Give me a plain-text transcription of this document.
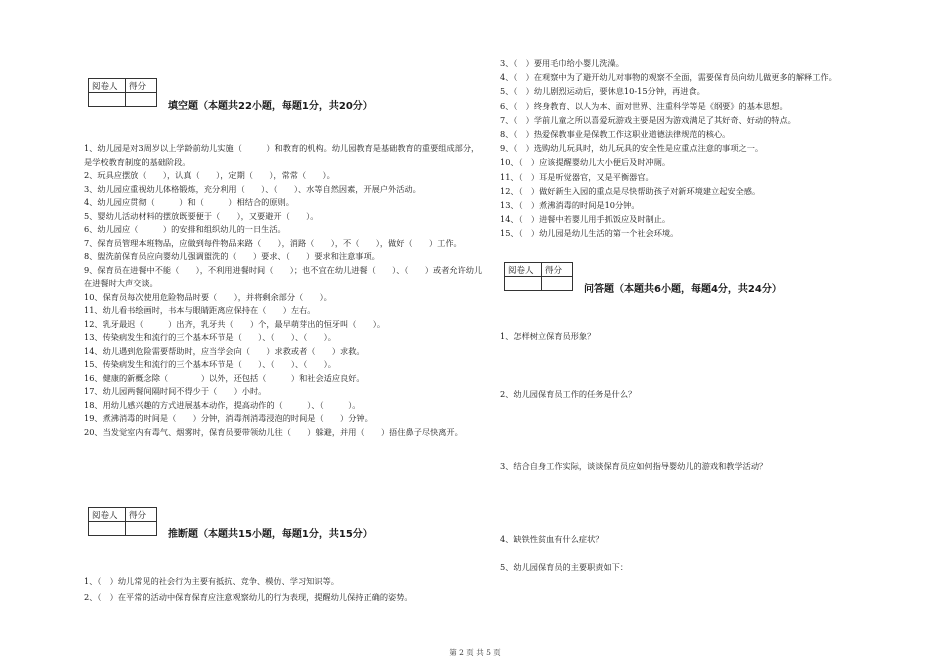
阅卷人	得分

填空题（本题共22小题，每题1分，共20分）

1、幼儿园是对3周岁以上学龄前幼儿实施（　　　）和教育的机构。幼儿园教育是基础教育的重要组成部分，是学校教育制度的基础阶段。

2、玩具应摆放（　　），认真（　　），定期（　　），常常（　　）。

3、幼儿园应重视幼儿体格锻炼，充分利用（　　）、（　　）、水等自然因素，开展户外活动。

4、幼儿园应贯彻（　　　）和（　　　）相结合的原则。

5、婴幼儿活动材料的摆放既要便于（　　），又要避开（　　）。

6、幼儿园应（　　　）的安排和组织幼儿的一日生活。

7、保育员管理本班物品，应做到每件物品来路（　　），消路（　　），不（　　），做好（　　）工作。

8、盥洗前保育员应向婴幼儿强调盥洗的（　　）要求、（　　）要求和注意事项。

9、保育员在进餐中不能（　　），不利用进餐时间（　　）；也不宜在幼儿进餐（　　）、（　　）或者允许幼儿在进餐时大声交谈。

10、保育员每次使用危险物品时要（　　），并将剩余部分（　　）。

11、幼儿看书绘画时，书本与眼睛距离应保持在（　　）左右。

12、乳牙最迟（　　　）出齐，乳牙共（　　）个，最早萌芽出的恒牙叫（　　）。

13、传染病发生和流行的三个基本环节是（　　）、（　　）、（　　）。

14、幼儿遇到危险需要帮助时，应当学会向（　　）求救或者（　　）求救。

15、传染病发生和流行的三个基本环节是（　　）、（　　）、（　　）。

16、健康的新概念除（　　　　）以外，还包括（　　　）和社会适应良好。

17、幼儿园两餐间隔时间不得少于（　　）小时。

18、用幼儿感兴趣的方式进展基本动作，提高动作的（　　　）、（　　　）。

19、煮沸消毒的时间是（　　）分钟，消毒剂消毒浸泡的时间是（　　）分钟。

20、当发觉室内有毒气、烟雾时，保育员要带领幼儿往（　　）躲避，并用（　　）捂住鼻子尽快离开。

阅卷人	得分

推断题（本题共15小题，每题1分，共15分）

1、（　）幼儿常见的社会行为主要有抵抗、竞争、模仿、学习知识等。

2、（　）在平常的活动中保育保育应注意观察幼儿的行为表现，提醒幼儿保持正确的姿势。

3、（　）要用毛巾给小婴儿洗澡。

4、（　）在观察中为了避开幼儿对事物的观察不全面，需要保育员向幼儿做更多的解释工作。

5、（　）幼儿剧烈运动后，要休息10-15分钟，再进食。

6、（　）终身教育、以人为本、面对世界、注重科学等是《纲要》的基本思想。

7、（　）学前儿童之所以喜爱玩游戏主要是因为游戏满足了其好奇、好动的特点。

8、（　）热爱保教事业是保教工作这职业道德法律规范的核心。

9、（　）选购幼儿玩具时，幼儿玩具的安全性是应重点注意的事项之一。

10、（　）应该提醒婴幼儿大小便后及时冲厕。

11、（　）耳是听觉器官，又是平衡器官。

12、（　）做好新生入园的重点是尽快帮助孩子对新环境建立起安全感。

13、（　）煮沸消毒的时间是10分钟。

14、（　）进餐中若婴儿用手抓饭应及时制止。

15、（　）幼儿园是幼儿生活的第一个社会环境。

阅卷人	得分

问答题（本题共6小题，每题4分，共24分）
1、怎样树立保育员形象？
2、幼儿园保育员工作的任务是什么？
3、结合自身工作实际，谈谈保育员应如何指导婴幼儿的游戏和教学活动？
4、缺铁性贫血有什么症状？
5、幼儿园保育员的主要职责如下：
第 2 页 共 5 页
